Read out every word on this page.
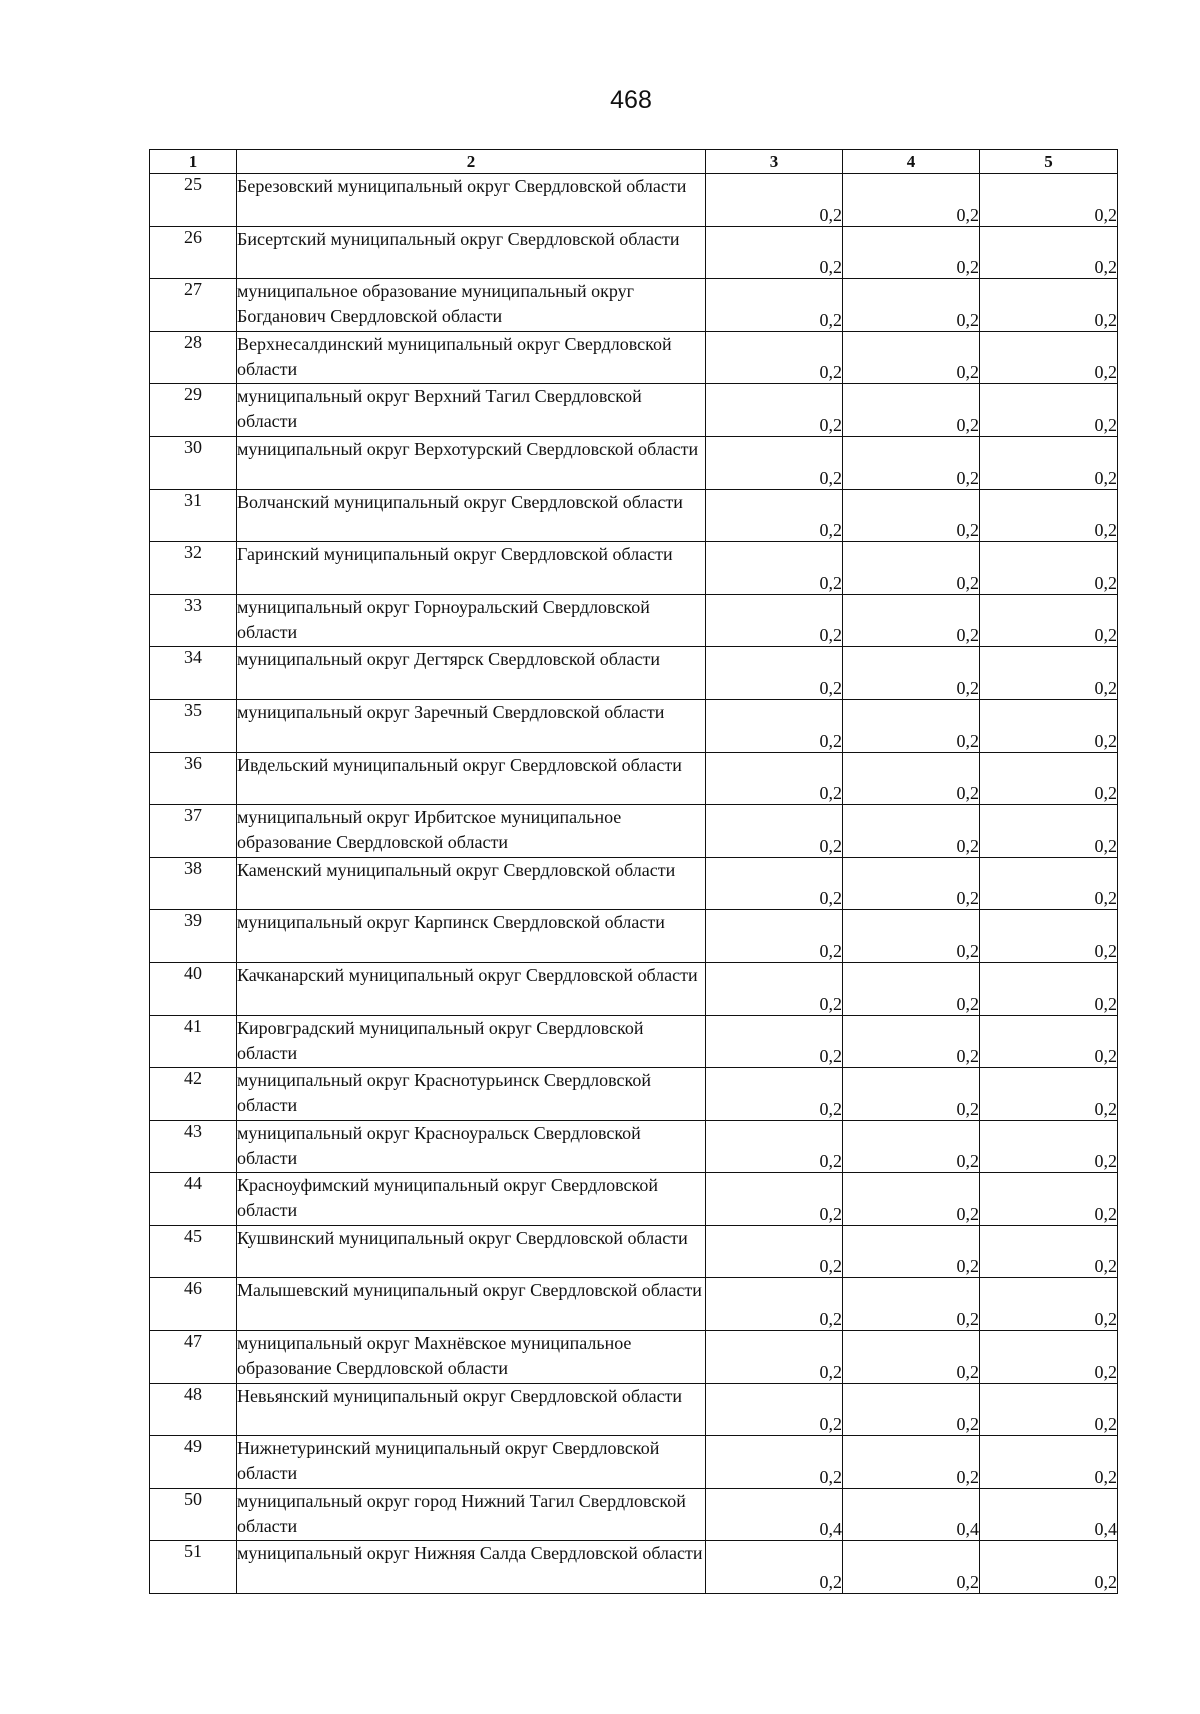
468
1	2	3	4	5
25	Березовский муниципальный округ Свердловской области	0,2	0,2	0,2
26	Бисертский муниципальный округ Свердловской области	0,2	0,2	0,2
27	муниципальное образование муниципальный округ Богданович Свердловской области	0,2	0,2	0,2
28	Верхнесалдинский муниципальный округ Свердловской области	0,2	0,2	0,2
29	муниципальный округ Верхний Тагил Свердловской области	0,2	0,2	0,2
30	муниципальный округ Верхотурский Свердловской области	0,2	0,2	0,2
31	Волчанский муниципальный округ Свердловской области	0,2	0,2	0,2
32	Гаринский муниципальный округ Свердловской области	0,2	0,2	0,2
33	муниципальный округ Горноуральский Свердловской области	0,2	0,2	0,2
34	муниципальный округ Дегтярск Свердловской области	0,2	0,2	0,2
35	муниципальный округ Заречный Свердловской области	0,2	0,2	0,2
36	Ивдельский муниципальный округ Свердловской области	0,2	0,2	0,2
37	муниципальный округ Ирбитское муниципальное образование Свердловской области	0,2	0,2	0,2
38	Каменский муниципальный округ Свердловской области	0,2	0,2	0,2
39	муниципальный округ Карпинск Свердловской области	0,2	0,2	0,2
40	Качканарский муниципальный округ Свердловской области	0,2	0,2	0,2
41	Кировградский муниципальный округ Свердловской области	0,2	0,2	0,2
42	муниципальный округ Краснотурьинск Свердловской области	0,2	0,2	0,2
43	муниципальный округ Красноуральск Свердловской области	0,2	0,2	0,2
44	Красноуфимский муниципальный округ Свердловской области	0,2	0,2	0,2
45	Кушвинский муниципальный округ Свердловской области	0,2	0,2	0,2
46	Малышевский муниципальный округ Свердловской области	0,2	0,2	0,2
47	муниципальный округ Махнёвское муниципальное образование Свердловской области	0,2	0,2	0,2
48	Невьянский муниципальный округ Свердловской области	0,2	0,2	0,2
49	Нижнетуринский муниципальный округ Свердловской области	0,2	0,2	0,2
50	муниципальный округ город Нижний Тагил Свердловской области	0,4	0,4	0,4
51	муниципальный округ Нижняя Салда Свердловской области	0,2	0,2	0,2
